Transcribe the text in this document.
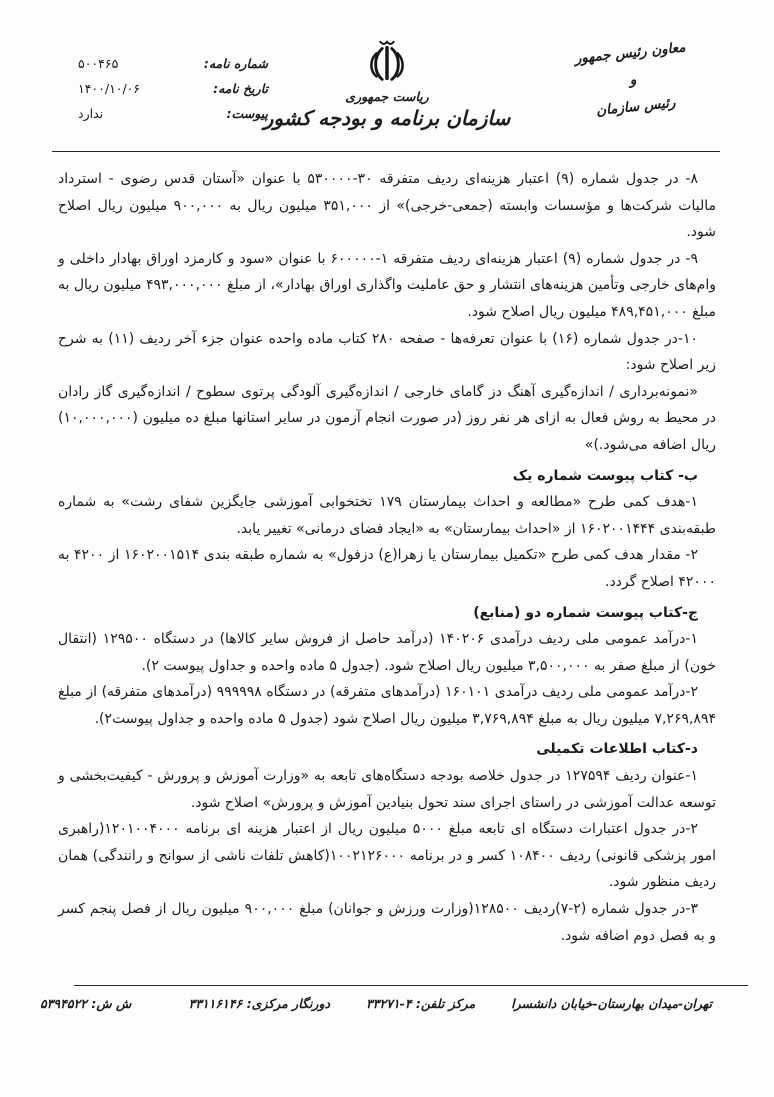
معاون رئیس جمهور
و
رئیس سازمان
ریاست جمهوری
سازمان برنامه و بودجه کشور
شماره نامه:
۵۰۰۴۶۵
تاریخ نامه:
۱۴۰۰/۱۰/۰۶
پیوست:
ندارد

۸- در جدول شماره (۹) اعتبار هزینه‌ای ردیف متفرقه ۳۰-۵۳۰۰۰۰ با عنوان «آستان قدس رضوی - استرداد مالیات شرکت‌ها و مؤسسات وابسته (جمعی-خرجی)» از ۳۵۱,۰۰۰ میلیون ریال به ۹۰۰,۰۰۰ میلیون ریال اصلاح شود.

۹- در جدول شماره (۹) اعتبار هزینه‌ای ردیف متفرقه ۱-۶۰۰۰۰۰ با عنوان «سود و کارمزد اوراق بهادار داخلی و وام‌های خارجی وتأمین هزینه‌های انتشار و حق عاملیت واگذاری اوراق بهادار»، از مبلغ ۴۹۳,۰۰۰,۰۰۰ میلیون ریال به مبلغ ۴۸۹,۴۵۱,۰۰۰ میلیون ریال اصلاح شود.

۱۰-در جدول شماره (۱۶) با عنوان تعرفه‌ها - صفحه ۲۸۰ کتاب ماده واحده عنوان جزء آخر ردیف (۱۱) به شرح زیر اصلاح شود:

«نمونه‌برداری / اندازه‌گیری آهنگ دز گامای خارجی / اندازه‌گیری آلودگی پرتوی سطوح / اندازه‌گیری گاز رادان در محیط به روش فعال به ازای هر نفر روز (در صورت انجام آزمون در سایر استانها مبلغ ده میلیون (۱۰,۰۰۰,۰۰۰) ریال اضافه می‌شود.)»

ب- کتاب پیوست شماره یک

۱-هدف کمی طرح «مطالعه و احداث بیمارستان ۱۷۹ تختخوابی آموزشی جایگزین شفای رشت» به شماره طبقه‌بندی ۱۶۰۲۰۰۱۴۴۴ از «احداث بیمارستان» به «ایجاد فضای درمانی» تغییر یابد.

۲- مقدار هدف کمی طرح «تکمیل بیمارستان یا زهرا(ع) دزفول» به شماره طبقه بندی ۱۶۰۲۰۰۱۵۱۴ از ۴۲۰۰ به ۴۲۰۰۰ اصلاح گردد.

ج-کتاب پیوست شماره دو (منابع)

۱-درآمد عمومی ملی ردیف درآمدی ۱۴۰۲۰۶ (درآمد حاصل از فروش سایر کالاها) در دستگاه ۱۲۹۵۰۰ (انتقال خون) از مبلغ صفر به ۳,۵۰۰,۰۰۰ میلیون ریال اصلاح شود. (جدول ۵ ماده واحده و جداول پیوست ۲).

۲-درآمد عمومی ملی ردیف درآمدی ۱۶۰۱۰۱ (درآمدهای متفرقه) در دستگاه ۹۹۹۹۹۸ (درآمدهای متفرقه) از مبلغ ۷,۲۶۹,۸۹۴ میلیون ریال به مبلغ ۳,۷۶۹,۸۹۴ میلیون ریال اصلاح شود (جدول ۵ ماده واحده و جداول پیوست۲).

د-کتاب اطلاعات تکمیلی

۱-عنوان ردیف ۱۲۷۵۹۴ در جدول خلاصه بودجه دستگاه‌های تابعه به «وزارت آموزش و پرورش - کیفیت‌بخشی و توسعه عدالت آموزشی در راستای اجرای سند تحول بنیادین آموزش و پرورش» اصلاح شود.

۲-در جدول اعتبارات دستگاه ای تابعه مبلغ ۵۰۰۰ میلیون ریال از اعتبار هزینه ای برنامه ۱۲۰۱۰۰۴۰۰۰(راهبری امور پزشکی قانونی) ردیف ۱۰۸۴۰۰ کسر و در برنامه ۱۰۰۲۱۲۶۰۰۰(کاهش تلفات ناشی از سوانح و رانندگی) همان ردیف منظور شود.

۳-در جدول شماره (۲-۷)ردیف ۱۲۸۵۰۰(وزارت ورزش و جوانان) مبلغ ۹۰۰,۰۰۰ میلیون ریال از فصل پنجم کسر و به فصل دوم اضافه شود.

تهران-میدان بهارستان-خیابان دانشسرا
مرکز تلفن: ۴-۳۳۲۷۱
دورنگار مرکزی: ۳۳۱۱۶۱۴۶
ش ش: ۵۳۹۴۵۲۲
